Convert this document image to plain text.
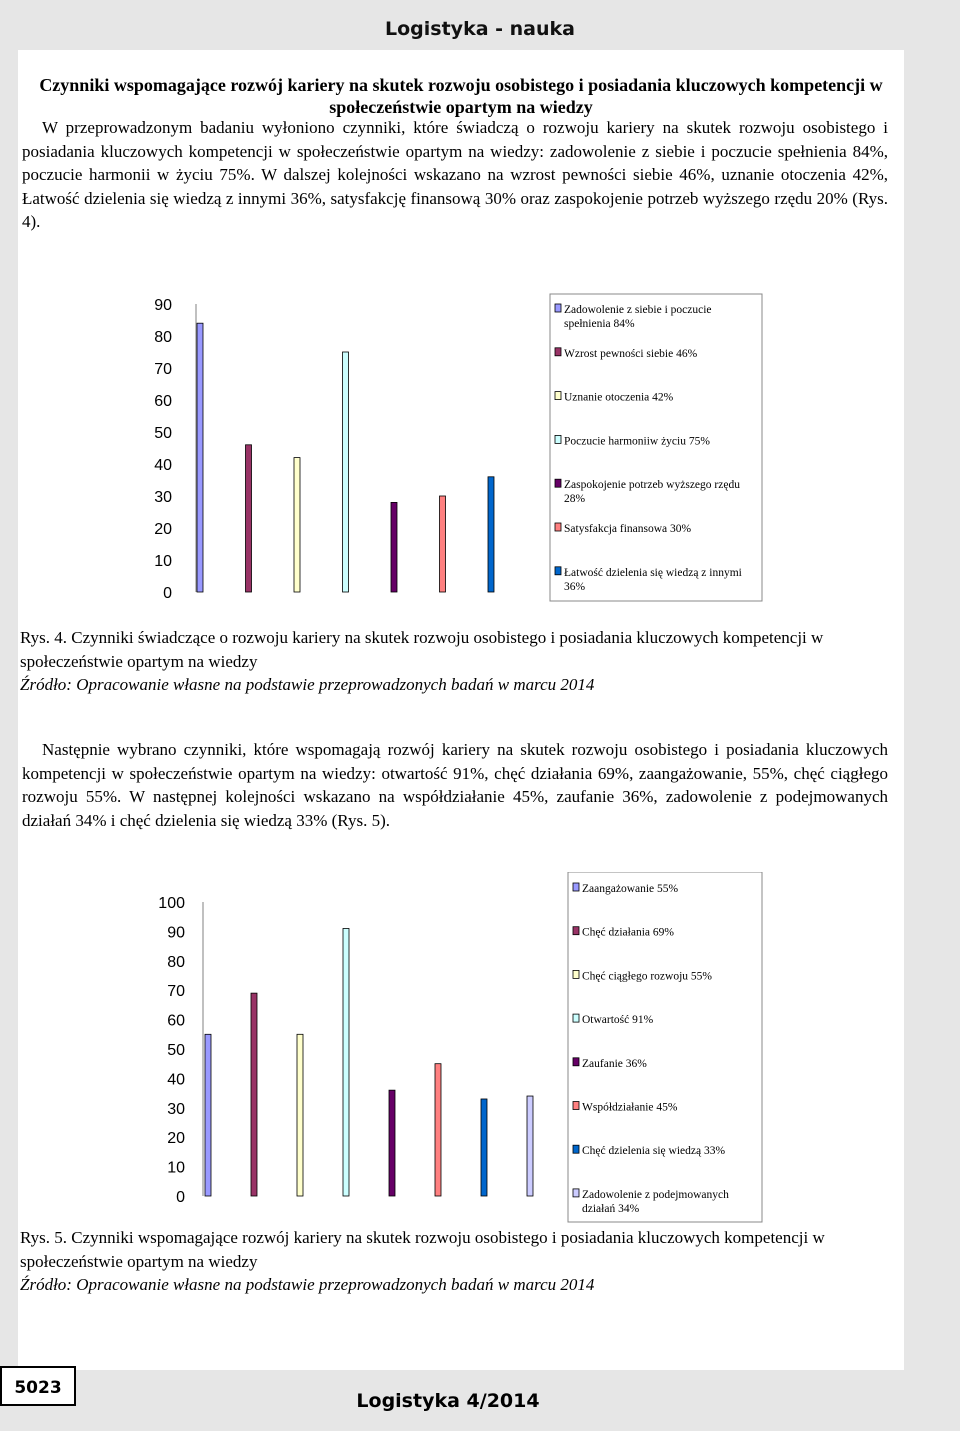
Logistyka - nauka
Czynniki wspomagające rozwój kariery na skutek rozwoju osobistego i posiadania kluczowych kompetencji w społeczeństwie opartym na wiedzy

W przeprowadzonym badaniu wyłoniono czynniki, które świadczą o rozwoju kariery na skutek rozwoju osobistego i posiadania kluczowych kompetencji w społeczeństwie opartym na wiedzy: zadowolenie z siebie i poczucie spełnienia 84%, poczucie harmonii w życiu 75%. W dalszej kolejności wskazano na wzrost pewności siebie 46%, uznanie otoczenia 42%, Łatwość dzielenia się wiedzą z innymi 36%, satysfakcję finansową 30% oraz zaspokojenie potrzeb wyższego rzędu 20% (Rys. 4).

0
10
20
30
40
50
60
70
80
90	Zadowolenie z siebie i poczucie spełnienia 84%
Wzrost pewności siebie 46%
Uznanie otoczenia 42%
Poczucie harmoniiw życiu 75%
Zaspokojenie potrzeb wyższego rzędu 28%
Satysfakcja finansowa 30%
Łatwość dzielenia się wiedzą z innymi 36%
Rys. 4. Czynniki świadczące o rozwoju kariery na skutek rozwoju osobistego i posiadania kluczowych kompetencji w społeczeństwie opartym na wiedzy
Źródło: Opracowanie własne na podstawie przeprowadzonych badań w marcu 2014

Następnie wybrano czynniki, które wspomagają rozwój kariery na skutek rozwoju osobistego i posiadania kluczowych kompetencji w społeczeństwie opartym na wiedzy: otwartość 91%, chęć działania 69%, zaangażowanie, 55%, chęć ciągłego rozwoju 55%. W następnej kolejności wskazano na współdziałanie 45%, zaufanie 36%, zadowolenie z podejmowanych działań 34% i chęć dzielenia się wiedzą 33% (Rys. 5).

0
10
20
30
40
50
60
70
80
90
100
Zaangażowanie 55%
Chęć działania 69%
Chęć ciągłego rozwoju 55%
Otwartość 91%
Zaufanie 36%
Współdziałanie 45%
Chęć dzielenia się wiedzą 33%
Zadowolenie z podejmowanych działań 34%
Rys. 5. Czynniki wspomagające rozwój kariery na skutek rozwoju osobistego i posiadania kluczowych kompetencji w społeczeństwie opartym na wiedzy
Źródło: Opracowanie własne na podstawie przeprowadzonych badań w marcu 2014
5023
Logistyka 4/2014
